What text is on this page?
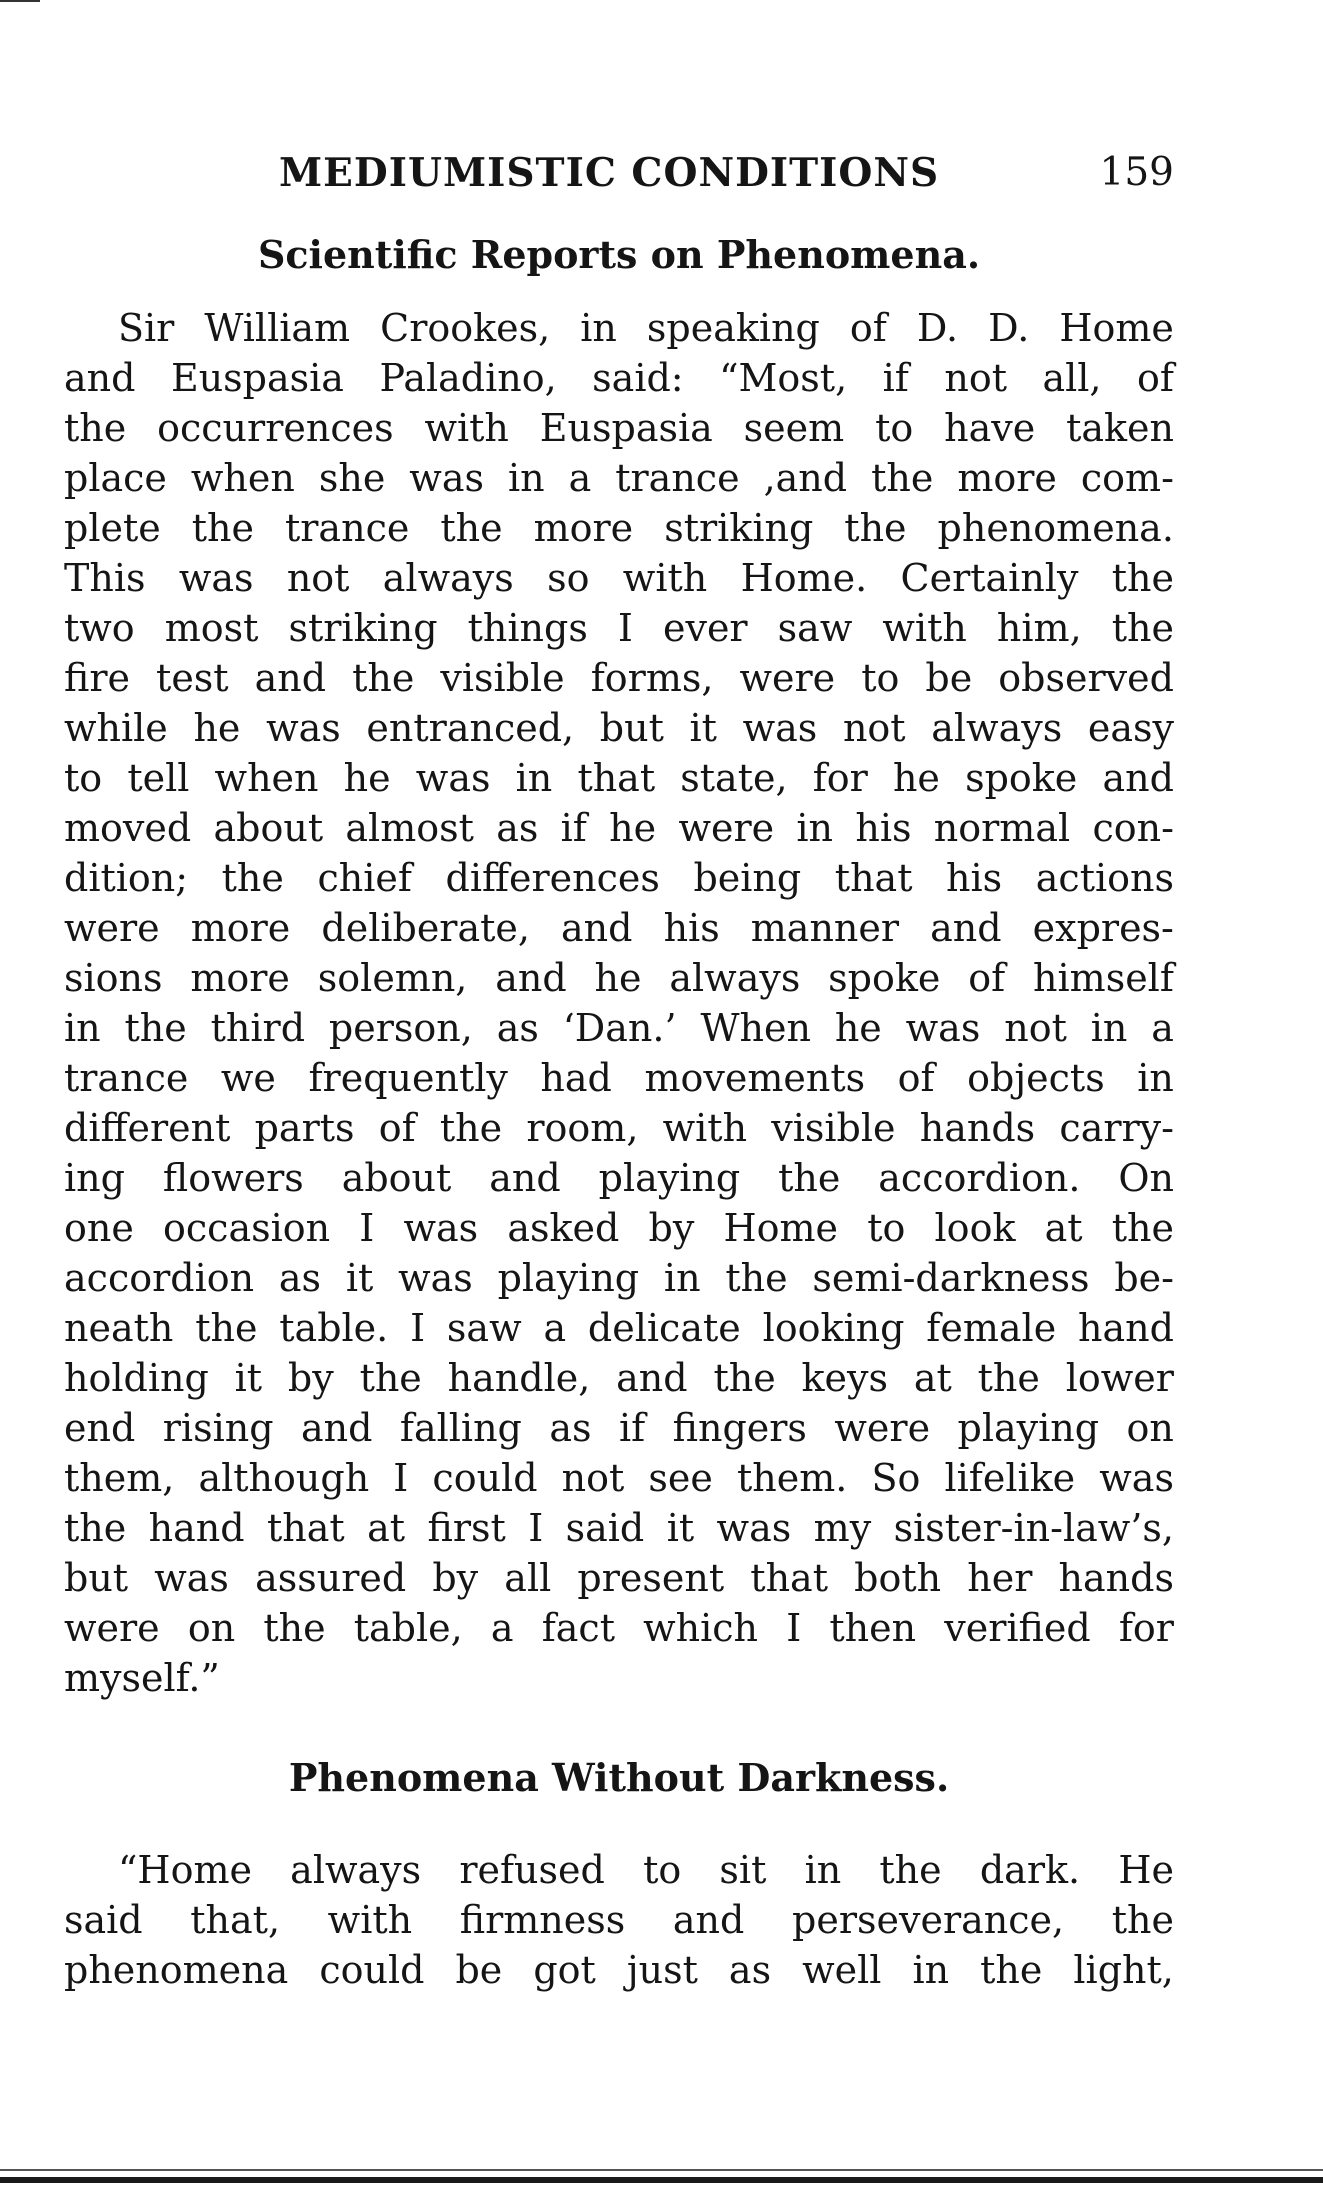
MEDIUMISTIC CONDITIONS	159
Scientific Reports on Phenomena.
Sir William Crookes, in speaking of D. D. Home
and Euspasia Paladino, said: “Most, if not all, of
the occurrences with Euspasia seem to have taken
place when she was in a trance ,and the more com-
plete the trance the more striking the phenomena.
This was not always so with Home. Certainly the
two most striking things I ever saw with him, the
fire test and the visible forms, were to be observed
while he was entranced, but it was not always easy
to tell when he was in that state, for he spoke and
moved about almost as if he were in his normal con-
dition; the chief differences being that his actions
were more deliberate, and his manner and expres-
sions more solemn, and he always spoke of himself
in the third person, as ‘Dan.’ When he was not in a
trance we frequently had movements of objects in
different parts of the room, with visible hands carry-
ing flowers about and playing the accordion. On
one occasion I was asked by Home to look at the
accordion as it was playing in the semi-darkness be-
neath the table. I saw a delicate looking female hand
holding it by the handle, and the keys at the lower
end rising and falling as if fingers were playing on
them, although I could not see them. So lifelike was
the hand that at first I said it was my sister-in-law’s,
but was assured by all present that both her hands
were on the table, a fact which I then verified for
myself.”
Phenomena Without Darkness.
“Home always refused to sit in the dark. He
said that, with firmness and perseverance, the
phenomena could be got just as well in the light,
